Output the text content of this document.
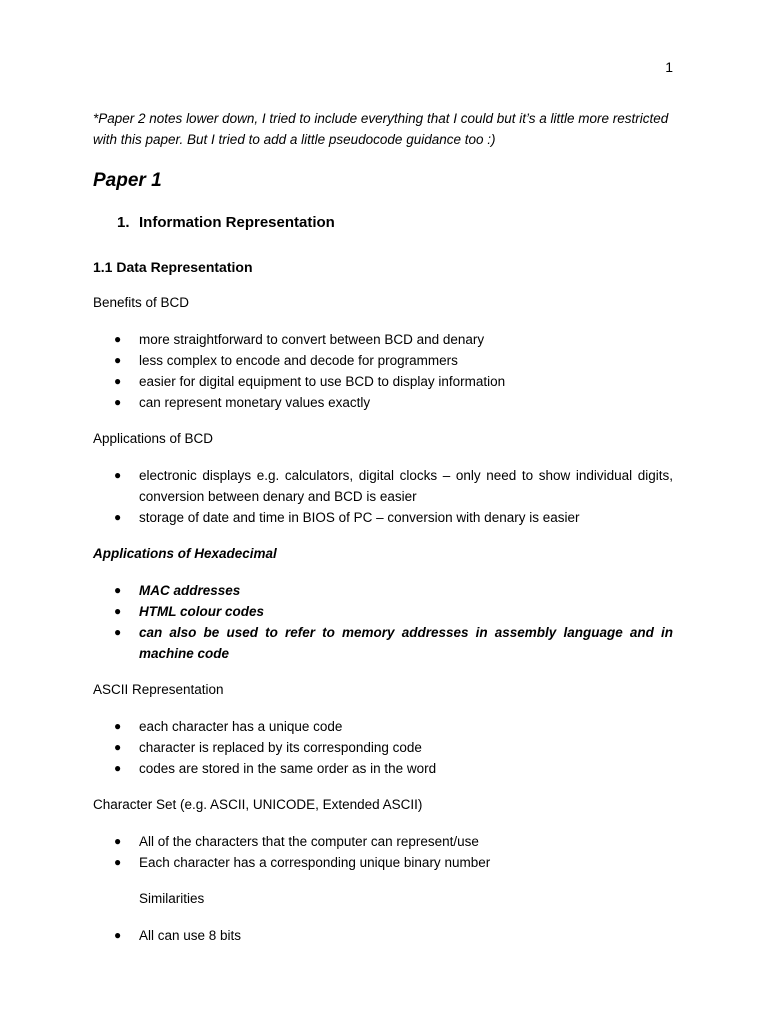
1

*Paper 2 notes lower down, I tried to include everything that I could but it’s a little more restricted with this paper. But I tried to add a little pseudocode guidance too :)

Paper 1
1. Information Representation
1.1 Data Representation

Benefits of BCD

● more straightforward to convert between BCD and denary
● less complex to encode and decode for programmers
● easier for digital equipment to use BCD to display information
● can represent monetary values exactly

Applications of BCD

● electronic displays e.g. calculators, digital clocks – only need to show individual digits, conversion between denary and BCD is easier
● storage of date and time in BIOS of PC – conversion with denary is easier

Applications of Hexadecimal

● MAC addresses
● HTML colour codes
● can also be used to refer to memory addresses in assembly language and in machine code

ASCII Representation

● each character has a unique code
● character is replaced by its corresponding code
● codes are stored in the same order as in the word

Character Set (e.g. ASCII, UNICODE, Extended ASCII)

● All of the characters that the computer can represent/use
● Each character has a corresponding unique binary number

Similarities

● All can use 8 bits
